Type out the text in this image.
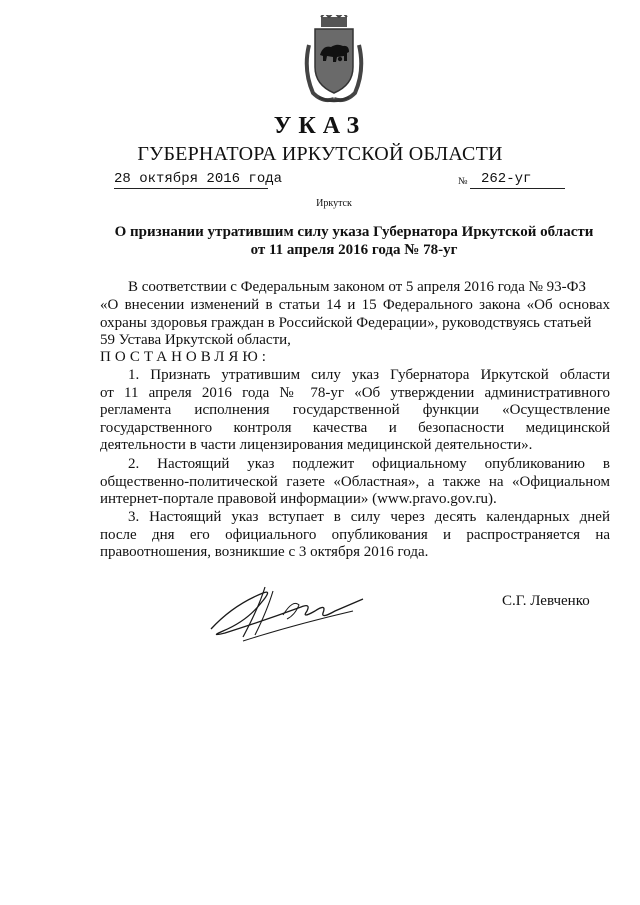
УКАЗ
ГУБЕРНАТОРА ИРКУТСКОЙ ОБЛАСТИ
28 октября 2016 года	№ 262-уг
Иркутск
О признании утратившим силу указа Губернатора Иркутской области
от 11 апреля 2016 года № 78-уг
В соответствии с Федеральным законом от 5 апреля 2016 года № 93-ФЗ
«О внесении изменений в статьи 14 и 15 Федерального закона «Об основах
охраны здоровья граждан в Российской Федерации», руководствуясь статьей
59 Устава Иркутской области,
ПОСТАНОВЛЯЮ:
1. Признать утратившим силу указ Губернатора Иркутской области
от 11 апреля 2016 года № 78-уг «Об утверждении административного
регламента исполнения государственной функции «Осуществление
государственного контроля качества и безопасности медицинской
деятельности в части лицензирования медицинской деятельности».
2. Настоящий указ подлежит официальному опубликованию в
общественно-политической газете «Областная», а также на «Официальном
интернет-портале правовой информации» (www.pravo.gov.ru).
3. Настоящий указ вступает в силу через десять календарных дней
после дня его официального опубликования и распространяется на
правоотношения, возникшие с 3 октября 2016 года.
С.Г. Левченко
